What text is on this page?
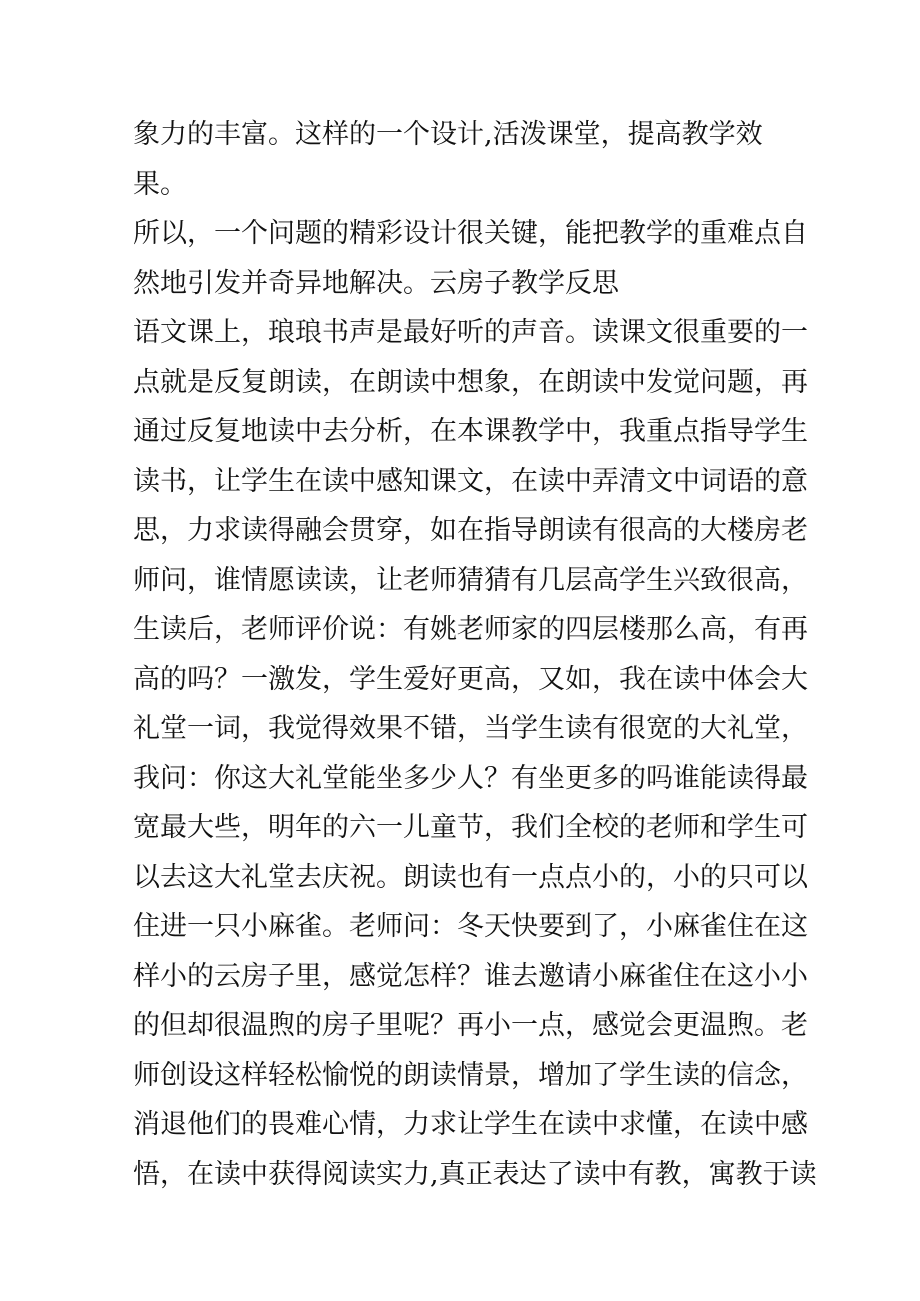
象力的丰富。这样的一个设计,活泼课堂，提高教学效
果。
所以，一个问题的精彩设计很关键，能把教学的重难点自
然地引发并奇异地解决。云房子教学反思
语文课上，琅琅书声是最好听的声音。读课文很重要的一
点就是反复朗读，在朗读中想象，在朗读中发觉问题，再
通过反复地读中去分析，在本课教学中，我重点指导学生
读书，让学生在读中感知课文，在读中弄清文中词语的意
思，力求读得融会贯穿，如在指导朗读有很高的大楼房老
师问，谁情愿读读，让老师猜猜有几层高学生兴致很高，
生读后，老师评价说：有姚老师家的四层楼那么高，有再
高的吗？一激发，学生爱好更高，又如，我在读中体会大
礼堂一词，我觉得效果不错，当学生读有很宽的大礼堂，
我问：你这大礼堂能坐多少人？有坐更多的吗谁能读得最
宽最大些，明年的六一儿童节，我们全校的老师和学生可
以去这大礼堂去庆祝。朗读也有一点点小的，小的只可以
住进一只小麻雀。老师问：冬天快要到了，小麻雀住在这
样小的云房子里，感觉怎样？谁去邀请小麻雀住在这小小
的但却很温煦的房子里呢？再小一点，感觉会更温煦。老
师创设这样轻松愉悦的朗读情景，增加了学生读的信念，
消退他们的畏难心情，力求让学生在读中求懂，在读中感
悟，在读中获得阅读实力,真正表达了读中有教，寓教于读
